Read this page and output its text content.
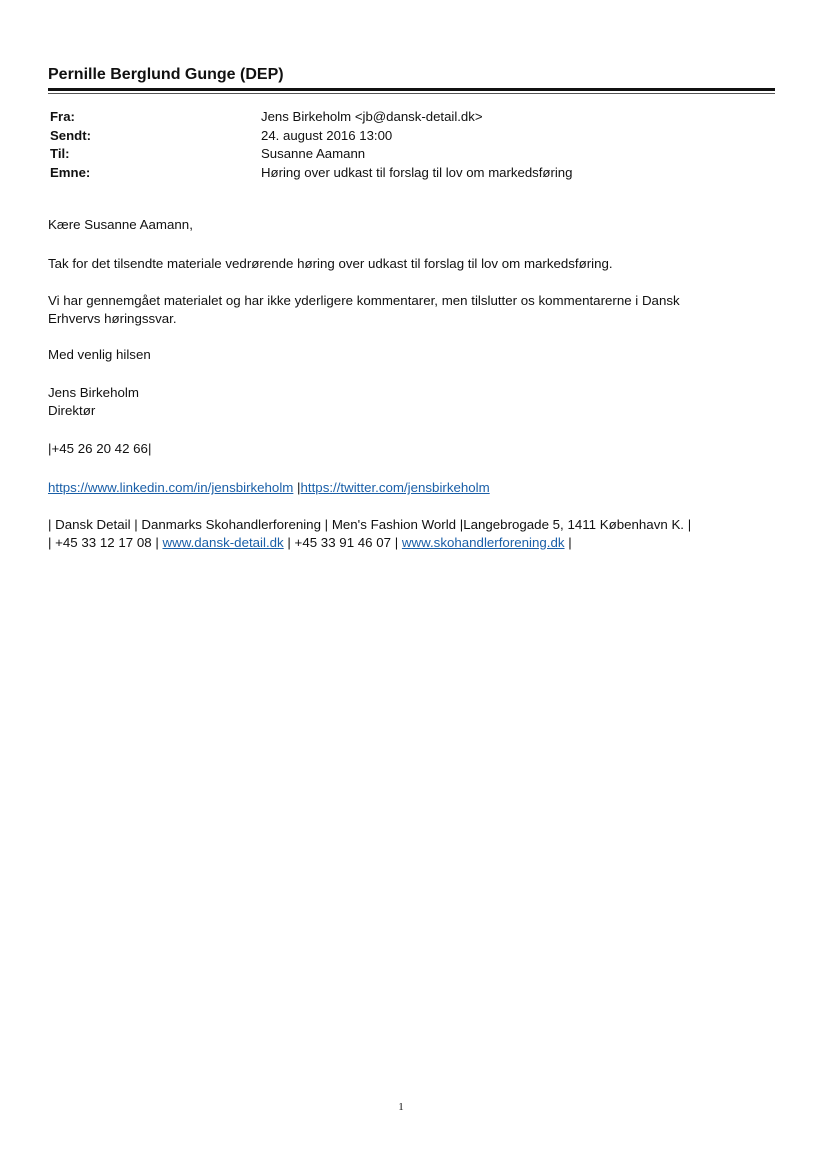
Pernille Berglund Gunge (DEP)
Fra:	Jens Birkeholm <jb@dansk-detail.dk>
Sendt:	24. august 2016 13:00
Til:	Susanne Aamann
Emne:	Høring over udkast til forslag til lov om markedsføring
Kære Susanne Aamann,
Tak for det tilsendte materiale vedrørende høring over udkast til forslag til lov om markedsføring.
Vi har gennemgået materialet og har ikke yderligere kommentarer, men tilslutter os kommentarerne i Dansk
Erhvervs høringssvar.
Med venlig hilsen
Jens Birkeholm
Direktør
|+45 26 20 42 66|
https://www.linkedin.com/in/jensbirkeholm |https://twitter.com/jensbirkeholm
| Dansk Detail | Danmarks Skohandlerforening | Men's Fashion World |Langebrogade 5, 1411 København K. |
| +45 33 12 17 08 | www.dansk-detail.dk | +45 33 91 46 07 | www.skohandlerforening.dk |
1
